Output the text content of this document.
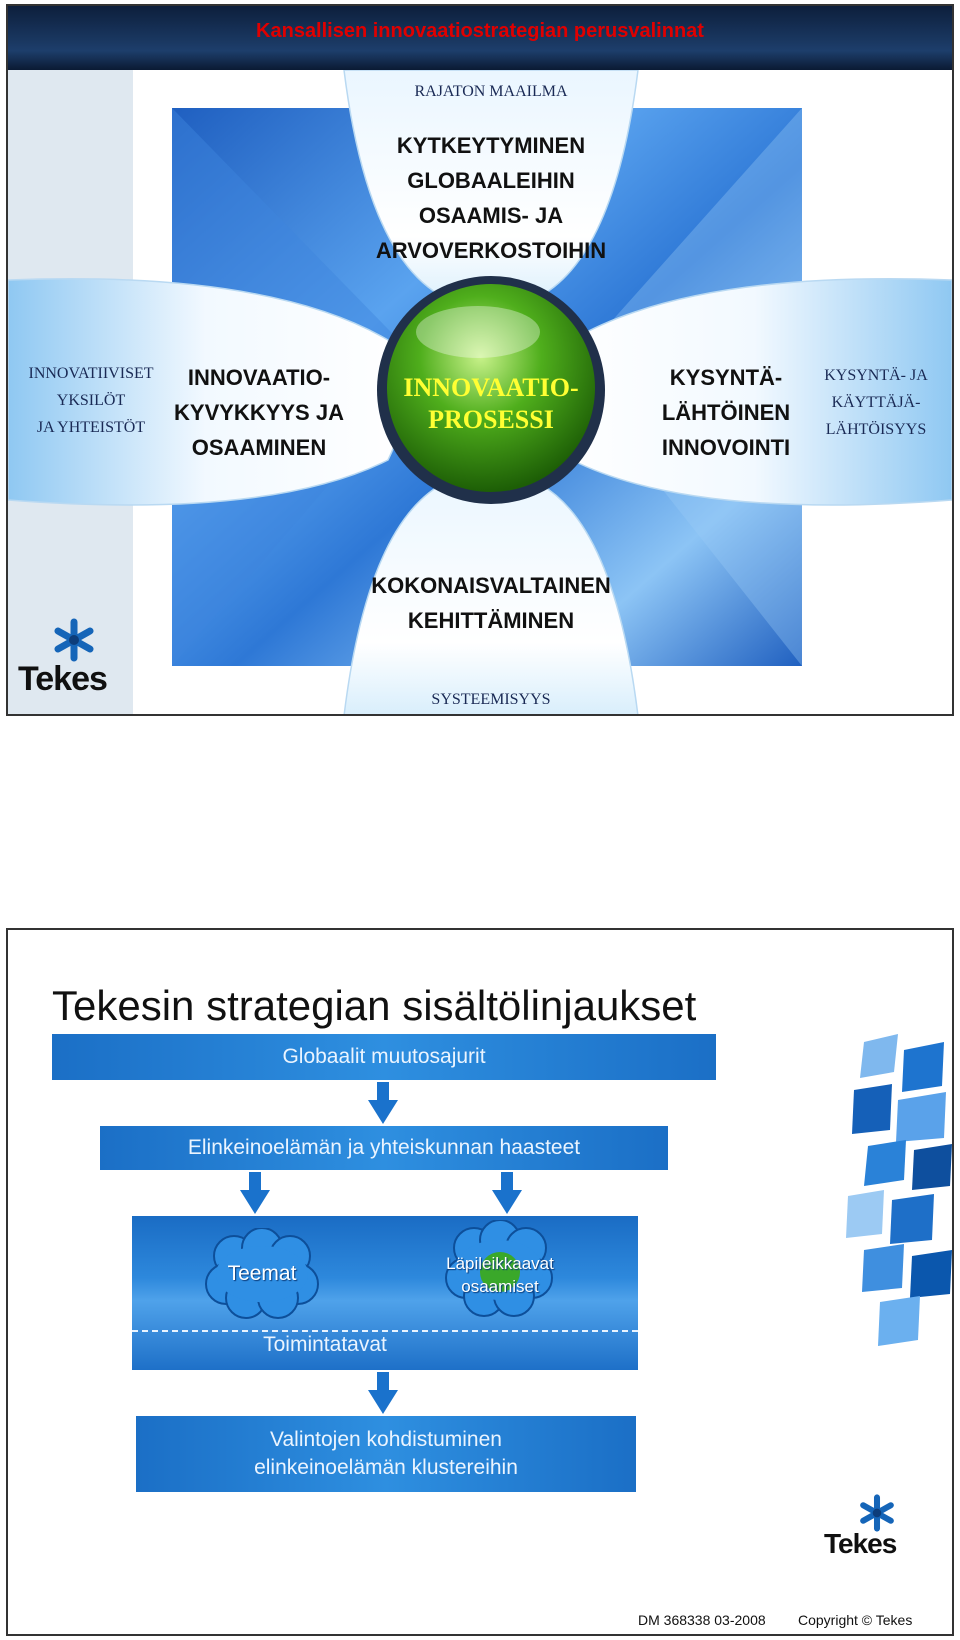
Kansallisen innovaatiostrategian perusvalinnat
RAJATON MAAILMA
KYTKEYTYMINEN
GLOBAALEIHIN
OSAAMIS- JA
ARVOVERKOSTOIHIN
INNOVATIIVISET
YKSILÖT
JA YHTEISTÖT
INNOVAATIO-
KYVYKKYYS JA
OSAAMINEN
INNOVAATIO-
PROSESSI
KYSYNTÄ-
LÄHTÖINEN
INNOVOINTI
KYSYNTÄ- JA
KÄYTTÄJÄ-
LÄHTÖISYYS
KOKONAISVALTAINEN
KEHITTÄMINEN
SYSTEEMISYYS
Tekes
Tekesin strategian sisältölinjaukset
Globaalit muutosajurit
Elinkeinoelämän ja yhteiskunnan haasteet
Teemat	Läpileikkaavat
osaamiset
Toimintatavat
Valintojen kohdistuminen
elinkeinoelämän klustereihin
Tekes
DM 368338 03-2008	Copyright © Tekes
